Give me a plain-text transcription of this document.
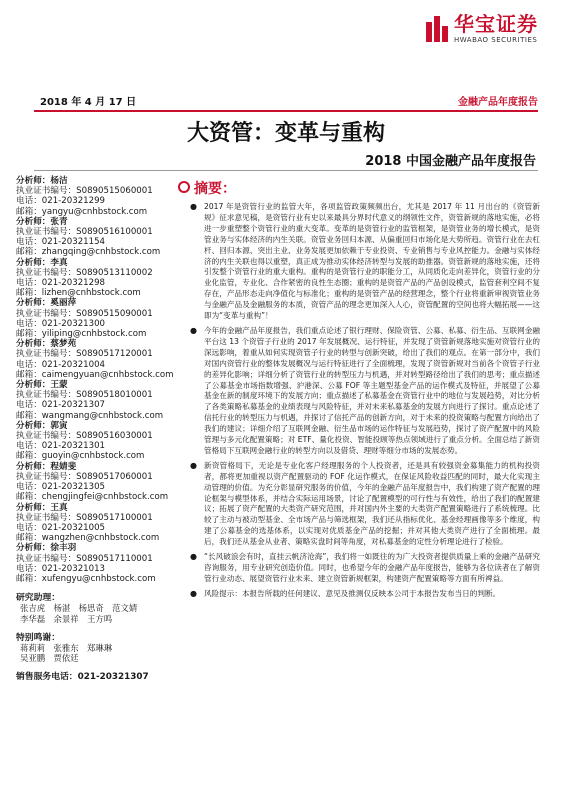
华宝证券
HWABAO SECURITIES
2018 年 4 月 17 日	金融产品年度报告
大资管：变革与重构
2018 中国金融产品年度报告
分析师：杨洁
执业证书编号：S0890515060001
电话：021-20321299
邮箱：yangyu@cnhbstock.com
分析师：张青
执业证书编号：S0890516100001
电话：021-20321154
邮箱：zhangqing@cnhbstock.com
分析师：李真
执业证书编号：S0890513110002
电话：021-20321298
邮箱：lizhen@cnhbstock.com
分析师：奚丽萍
执业证书编号：S0890515090001
电话：021-20321300
邮箱：yiliping@cnhbstock.com
分析师：蔡梦苑
执业证书编号：S0890517120001
电话：021-20321004
邮箱：caimengyuan@cnhbstock.com
分析师：王蒙
执业证书编号：S0890518010001
电话：021-20321307
邮箱：wangmang@cnhbstock.com
分析师：郭寅
执业证书编号：S0890516030001
电话：021-20321301
邮箱：guoyin@cnhbstock.com
分析师：程婧斐
执业证书编号：S0890517060001
电话：021-20321305
邮箱：chengjingfei@cnhbstock.com
分析师：王真
执业证书编号：S0890517100001
电话：021-20321005
邮箱：wangzhen@cnhbstock.com
分析师：徐丰羽
执业证书编号：S0890517110001
电话：021-20321013
邮箱：xufengyu@cnhbstock.com
研究助理：
张吉虎　杨湛　杨思奇　范文婧
李华磊　余景祥　王方鸣
特别鸣谢：
蒋莉莉　张雅东　郑琳琳
吴亚鹏　贾依廷
销售服务电话：021-20321307
摘要：
● 2017 年是资管行业的监管大年，各项监管政策频频出台，尤其是 2017 年 11 月出台的《资管新规》征求意见稿，是资管行业有史以来最具分界时代意义的纲领性文件，资管新规的落地实施，必将进一步重塑整个资管行业的重大变革。变革的是资管行业的监管框架，是资管业务的增长模式，是资管业务与实体经济的内生关联。资管业务回归本源、从偏重回归市场化是大势所趋。资管行业在去杠杆、回归本源、突出主业、业务发展更加依赖于专业投资、专业销售与专业风控能力。金融与实体经济的内生关联也得以重塑，真正成为推动实体经济转型与发展的助推器。资管新规的落地实施，还将引发整个资管行业的重大重构。重构的是资管行业的职能分工，从同质化走向差异化，资管行业的分业化监管，专业化、合作紧密的良性生态圈；重构的是资管产品的产品创设模式，监管套利空间不复存在，产品形态走向净值化与标准化；重构的是资管产品的经营理念，整个行业将重新审视资管业务与金融产品及金融服务的本质，资管产品的理念更加深入人心，资管配置的空间也将大幅拓展——这即为“变革与重构”！
● 今年的金融产品年度报告，我们重点论述了银行理财、保险资管、公募、私募、衍生品、互联网金融平台这 13 个资管子行业的 2017 年发展概况、运行特征，并发现了资管新规落地实施对资管行业的深远影响，着重从如何实现资管子行业的转型与创新突破，给出了我们的观点。在第一部分中，我们对国内资管行业的整体发展概况与运行特征进行了全面梳理，发现了资管新规对当前各个资管子行业的差异化影响；详细分析了资管行业的转型压力与机遇，并对转型路径给出了我们的思考；重点描述了公募基金市场指数增强、沪港深、公募 FOF 等主题型基金产品的运作模式及特征，并展望了公募基金在新的制度环境下的发展方向；重点描述了私募基金在资管行业中的地位与发展趋势，对比分析了各类策略私募基金的业绩表现与风险特征，并对未来私募基金的发展方向进行了探讨。重点论述了信托行业的转型压力与机遇，并探讨了信托产品的创新方向，对于未来的投资策略与配置方向给出了我们的建议；详细介绍了互联网金融、衍生品市场的运作特征与发展趋势，探讨了资产配置中的风险管理与多元化配置策略；对 ETF、量化投资、智能投顾等热点领域进行了重点分析。全面总结了新资管格局下互联网金融行业的转型方向以及借贷、理财等细分市场的发展态势。
● 新资管格局下，无论是专业化客户经理服务的个人投资者，还是具有较强资金募集能力的机构投资者，都将更加重视以资产配置驱动的 FOF 化运作模式，在保证风险收益匹配的同时，最大化实现主动管理的价值。为充分彰显研究服务的价值，今年的金融产品年度报告中，我们构建了资产配置的理论框架与模型体系，并结合实际运用场景，讨论了配置模型的可行性与有效性，给出了我们的配置建议；拓展了资产配置的大类资产研究范围，并对国内外主要的大类资产配置策略进行了系统梳理。比较了主动与被动型基金、全市场产品与筛选框架，我们还从指标优化、基金经理画像等多个维度，构建了公募基金的选基体系，以实现对优质基金产品的挖掘；并对其他大类资产进行了全面梳理。最后，我们还从基金从业者、策略实盘时间等角度，对私募基金的定性分析理论进行了检验。
● “长风破浪会有时，直挂云帆济沧海”，我们将一如既往的为广大投资者提供质量上乘的金融产品研究咨询服务，用专业研究创造价值。同时，也希望今年的金融产品年度报告，能够为各位读者在了解资管行业动态、展望资管行业未来、建立资管新规框架，构建资产配置策略等方面有所裨益。
● 风险提示：本报告所载的任何建议、意见及推测仅反映本公司于本报告发布当日的判断。
